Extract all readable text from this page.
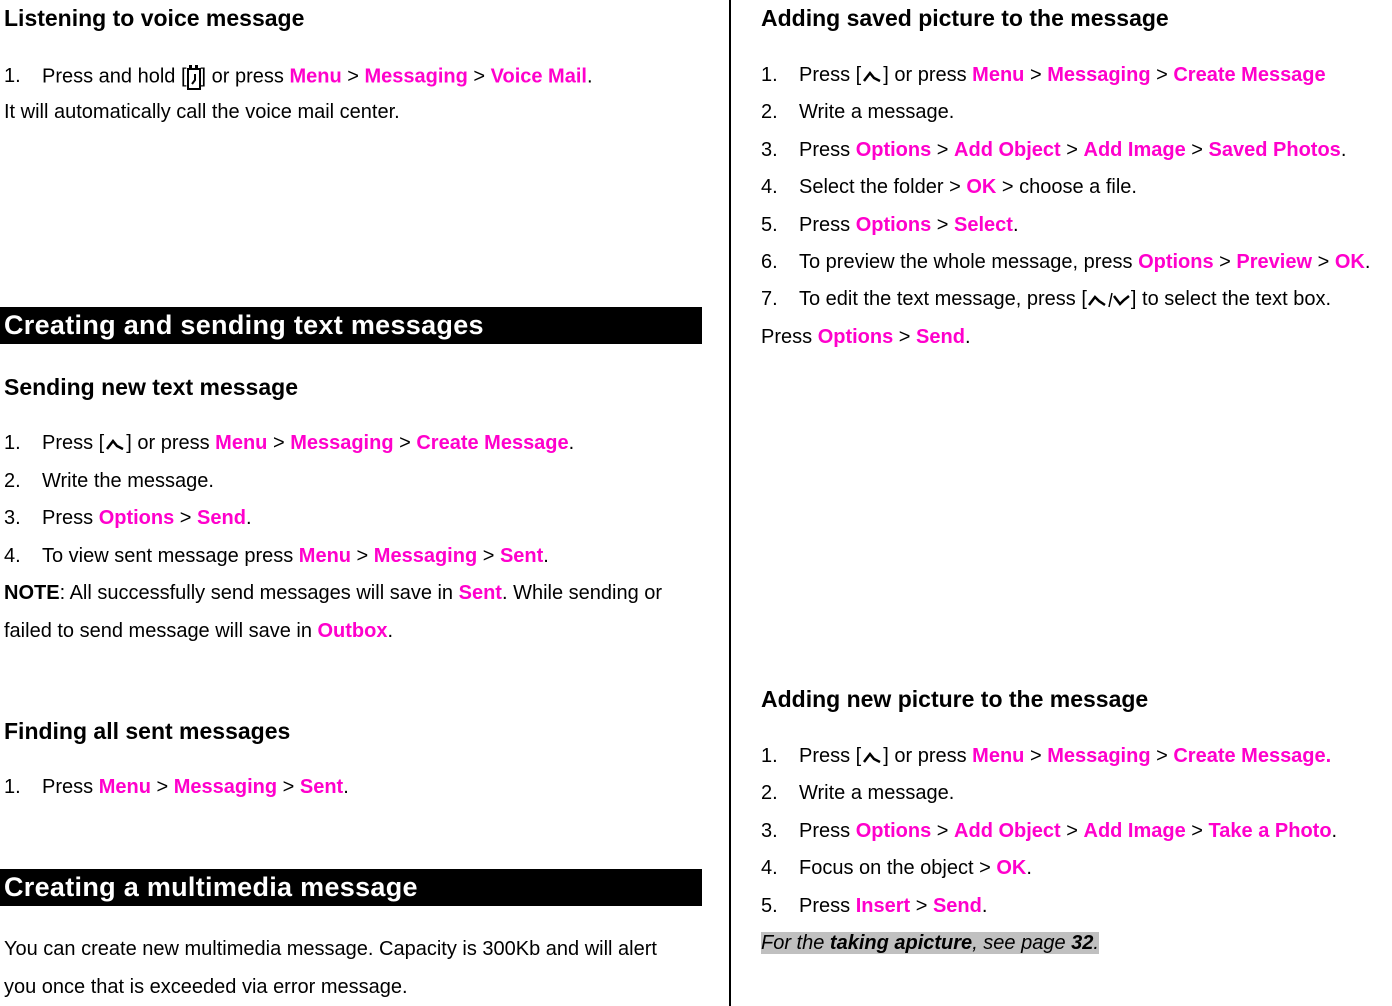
Listening to voice message
1. Press and hold [ ] or press Menu > Messaging > Voice Mail.
It will automatically call the voice mail center.
Creating and sending text messages
Sending new text message
1. Press [ ] or press Menu > Messaging > Create Message.
2. Write the message.
3. Press Options > Send.
4. To view sent message press Menu > Messaging > Sent.
NOTE: All successfully send messages will save in Sent. While sending or
failed to send message will save in Outbox.
Finding all sent messages
1. Press Menu > Messaging > Sent.
Creating a multimedia message
You can create new multimedia message. Capacity is 300Kb and will alert
you once that is exceeded via error message.
Adding saved picture to the message
1. Press [ ] or press Menu > Messaging > Create Message
2. Write a message.
3. Press Options > Add Object > Add Image > Saved Photos.
4. Select the folder > OK > choose a file.
5. Press Options > Select.
6. To preview the whole message, press Options > Preview > OK.
7. To edit the text message, press [ ] to select the text box.
Press Options > Send.
Adding new picture to the message
1. Press [ ] or press Menu > Messaging > Create Message.
2. Write a message.
3. Press Options > Add Object > Add Image > Take a Photo.
4. Focus on the object > OK.
5. Press Insert > Send.
For the taking apicture, see page 32.
